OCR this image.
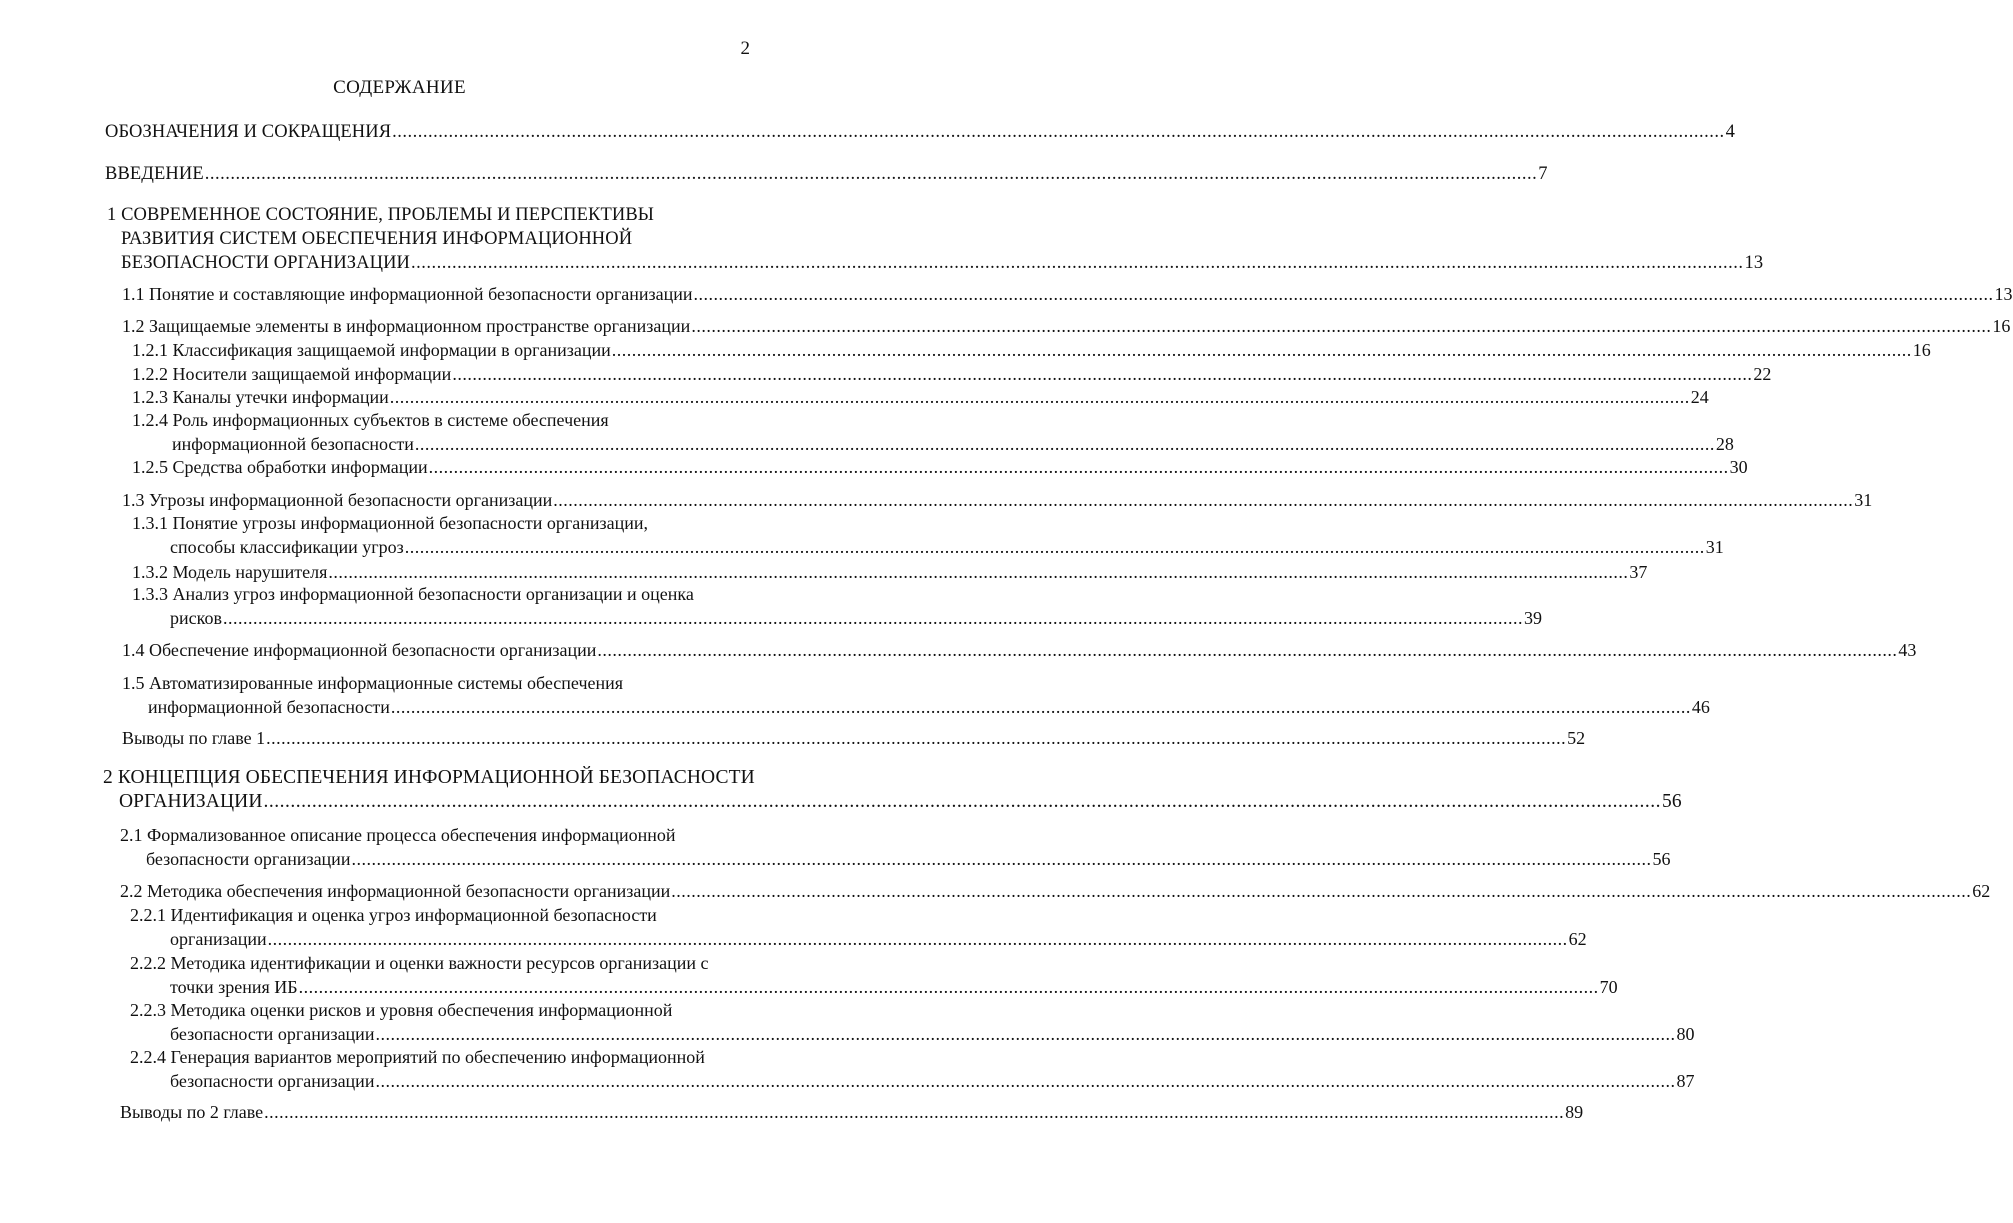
2
СОДЕРЖАНИЕ
ОБОЗНАЧЕНИЯ И СОКРАЩЕНИЯ .................................................................................................................................................................................................................................................................... 4
ВВЕДЕНИЕ .................................................................................................................................................................................................................................................................... 7
1 СОВРЕМЕННОЕ СОСТОЯНИЕ, ПРОБЛЕМЫ И ПЕРСПЕКТИВЫ
РАЗВИТИЯ СИСТЕМ ОБЕСПЕЧЕНИЯ ИНФОРМАЦИОННОЙ
БЕЗОПАСНОСТИ ОРГАНИЗАЦИИ .................................................................................................................................................................................................................................................................... 13
1.1 Понятие и составляющие информационной безопасности организации .................................................................................................................................................................................................................................................................... 13
1.2 Защищаемые элементы в информационном пространстве организации .................................................................................................................................................................................................................................................................... 16
1.2.1 Классификация защищаемой информации в организации .................................................................................................................................................................................................................................................................... 16
1.2.2 Носители защищаемой информации .................................................................................................................................................................................................................................................................... 22
1.2.3 Каналы утечки информации .................................................................................................................................................................................................................................................................... 24
1.2.4 Роль информационных субъектов в системе обеспечения
информационной безопасности .................................................................................................................................................................................................................................................................... 28
1.2.5 Средства обработки информации .................................................................................................................................................................................................................................................................... 30
1.3 Угрозы информационной безопасности организации .................................................................................................................................................................................................................................................................... 31
1.3.1 Понятие угрозы информационной безопасности организации,
способы классификации угроз .................................................................................................................................................................................................................................................................... 31
1.3.2 Модель нарушителя .................................................................................................................................................................................................................................................................... 37
1.3.3 Анализ угроз информационной безопасности организации и оценка
рисков .................................................................................................................................................................................................................................................................... 39
1.4 Обеспечение информационной безопасности организации .................................................................................................................................................................................................................................................................... 43
1.5 Автоматизированные информационные системы обеспечения
информационной безопасности .................................................................................................................................................................................................................................................................... 46
Выводы по главе 1 .................................................................................................................................................................................................................................................................... 52
2 КОНЦЕПЦИЯ ОБЕСПЕЧЕНИЯ ИНФОРМАЦИОННОЙ БЕЗОПАСНОСТИ
ОРГАНИЗАЦИИ .................................................................................................................................................................................................................................................................... 56
2.1 Формализованное описание процесса обеспечения информационной
безопасности организации .................................................................................................................................................................................................................................................................... 56
2.2 Методика обеспечения информационной безопасности организации .................................................................................................................................................................................................................................................................... 62
2.2.1 Идентификация и оценка угроз информационной безопасности
организации .................................................................................................................................................................................................................................................................... 62
2.2.2 Методика идентификации и оценки важности ресурсов организации с
точки зрения ИБ .................................................................................................................................................................................................................................................................... 70
2.2.3 Методика оценки рисков и уровня обеспечения информационной
безопасности организации .................................................................................................................................................................................................................................................................... 80
2.2.4 Генерация вариантов мероприятий по обеспечению информационной
безопасности организации .................................................................................................................................................................................................................................................................... 87
Выводы по 2 главе .................................................................................................................................................................................................................................................................... 89
